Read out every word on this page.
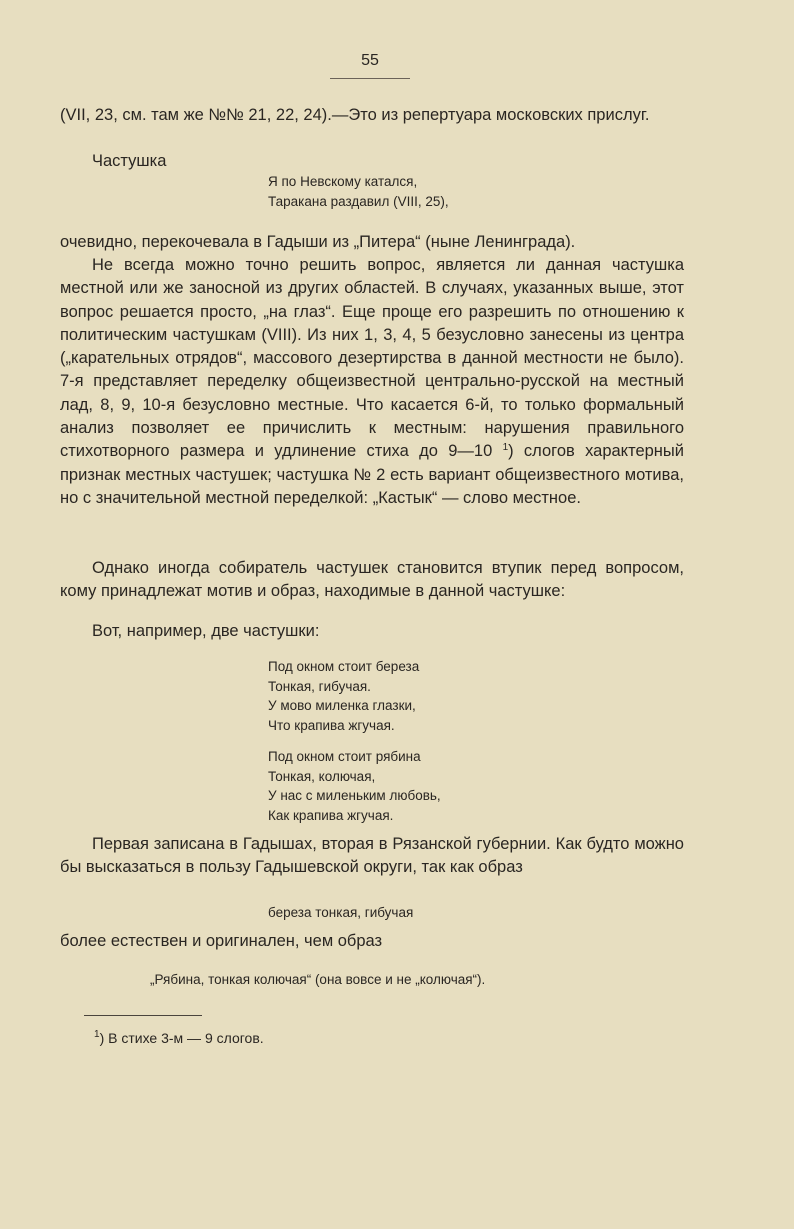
55

(VII, 23, см. там же №№ 21, 22, 24).—Это из репертуара московских прислуг.

Частушка

Я по Невскому катался,
Таракана раздавил (VIII, 25),

очевидно, перекочевала в Гадыши из „Питера“ (ныне Ленинграда).

Не всегда можно точно решить вопрос, является ли данная частушка местной или же заносной из других областей. В случаях, указанных выше, этот вопрос решается просто, „на глаз“. Еще проще его разрешить по отношению к политическим частушкам (VIII). Из них 1, 3, 4, 5 безусловно занесены из центра („карательных отрядов“, массового дезертирства в данной местности не было). 7-я представляет переделку общеизвестной центрально-русской на местный лад, 8, 9, 10-я безусловно местные. Что касается 6-й, то только формальный анализ позволяет ее причислить к местным: нарушения правильного стихотворного размера и удлинение стиха до 9—10 $^1$) слогов характерный признак местных частушек; частушка № 2 есть вариант общеизвестного мотива, но с значительной местной переделкой: „Кастык“ — слово местное.

Однако иногда собиратель частушек становится втупик перед вопросом, кому принадлежат мотив и образ, находимые в данной частушке:

Вот, например, две частушки:

Под окном стоит береза
Тонкая, гибучая.
У мово миленка глазки,
Что крапива жгучая.
Под окном стоит рябина
Тонкая, колючая,
У нас с миленьким любовь,
Как крапива жгучая.

Первая записана в Гадышах, вторая в Рязанской губернии. Как будто можно бы высказаться в пользу Гадышевской округи, так как образ

береза тонкая, гибучая

более естествен и оригинален, чем образ

„Рябина, тонкая колючая“ (она вовсе и не „колючая“).
$^1$) В стихе 3-м — 9 слогов.
